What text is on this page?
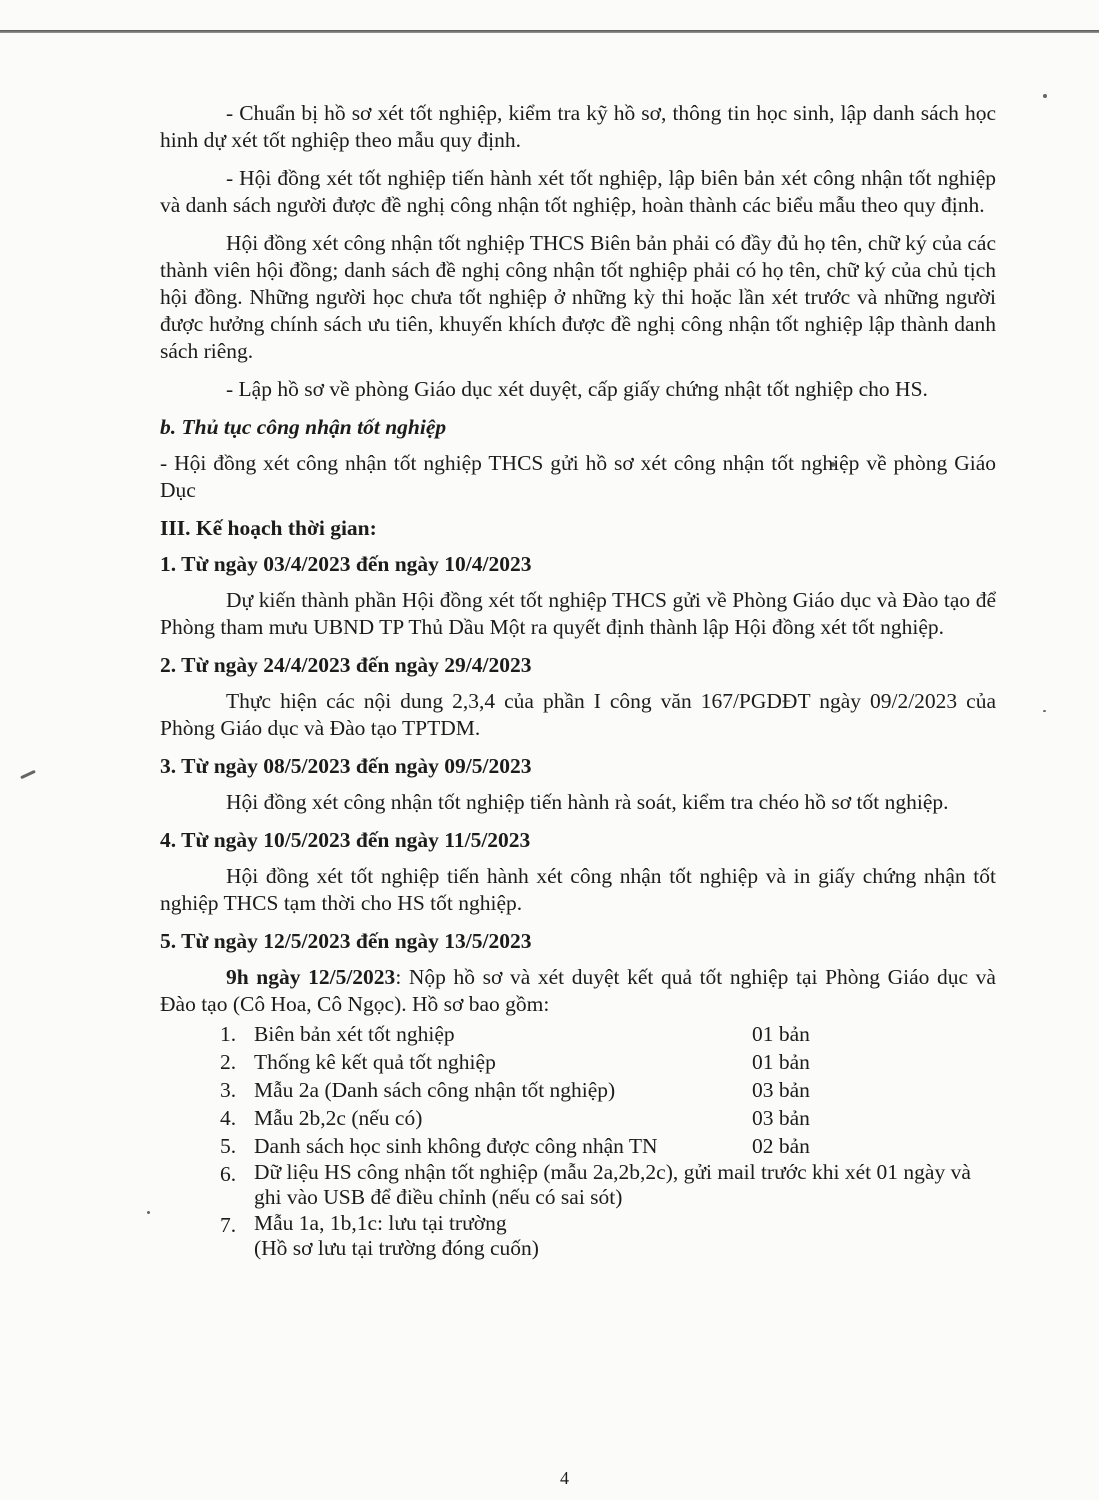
- Chuẩn bị hồ sơ xét tốt nghiệp, kiểm tra kỹ hồ sơ, thông tin học sinh, lập danh sách học hinh dự xét tốt nghiệp theo mẫu quy định.

- Hội đồng xét tốt nghiệp tiến hành xét tốt nghiệp, lập biên bản xét công nhận tốt nghiệp và danh sách người được đề nghị công nhận tốt nghiệp, hoàn thành các biểu mẫu theo quy định.

Hội đồng xét công nhận tốt nghiệp THCS Biên bản phải có đầy đủ họ tên, chữ ký của các thành viên hội đồng; danh sách đề nghị công nhận tốt nghiệp phải có họ tên, chữ ký của chủ tịch hội đồng. Những người học chưa tốt nghiệp ở những kỳ thi hoặc lần xét trước và những người được hưởng chính sách ưu tiên, khuyến khích được đề nghị công nhận tốt nghiệp lập thành danh sách riêng.

- Lập hồ sơ về phòng Giáo dục xét duyệt, cấp giấy chứng nhật tốt nghiệp cho HS.

b. Thủ tục công nhận tốt nghiệp

- Hội đồng xét công nhận tốt nghiệp THCS gửi hồ sơ xét công nhận tốt nghiệp về phòng Giáo Dục

III. Kế hoạch thời gian:

1. Từ ngày 03/4/2023 đến ngày 10/4/2023

Dự kiến thành phần Hội đồng xét tốt nghiệp THCS gửi về Phòng Giáo dục và Đào tạo để Phòng tham mưu UBND TP Thủ Dầu Một ra quyết định thành lập Hội đồng xét tốt nghiệp.

2. Từ ngày 24/4/2023 đến ngày 29/4/2023

Thực hiện các nội dung 2,3,4 của phần I công văn 167/PGDĐT ngày 09/2/2023 của Phòng Giáo dục và Đào tạo TPTDM.

3. Từ ngày 08/5/2023 đến ngày 09/5/2023

Hội đồng xét công nhận tốt nghiệp tiến hành rà soát, kiểm tra chéo hồ sơ tốt nghiệp.

4. Từ ngày 10/5/2023 đến ngày 11/5/2023

Hội đồng xét tốt nghiệp tiến hành xét công nhận tốt nghiệp và in giấy chứng nhận tốt nghiệp THCS tạm thời cho HS tốt nghiệp.

5. Từ ngày 12/5/2023 đến ngày 13/5/2023

9h ngày 12/5/2023: Nộp hồ sơ và xét duyệt kết quả tốt nghiệp tại Phòng Giáo dục và Đào tạo (Cô Hoa, Cô Ngọc). Hồ sơ bao gồm:

1. Biên bản xét tốt nghiệp	01 bản
2. Thống kê kết quả tốt nghiệp	01 bản
3. Mẫu 2a (Danh sách công nhận tốt nghiệp)	03 bản
4. Mẫu 2b,2c (nếu có)	03 bản
5. Danh sách học sinh không được công nhận TN	02 bản
6. Dữ liệu HS công nhận tốt nghiệp (mẫu 2a,2b,2c), gửi mail trước khi xét 01 ngày và ghi vào USB để điều chỉnh (nếu có sai sót)
7. Mẫu 1a, 1b,1c: lưu tại trường
(Hồ sơ lưu tại trường đóng cuốn)
4
